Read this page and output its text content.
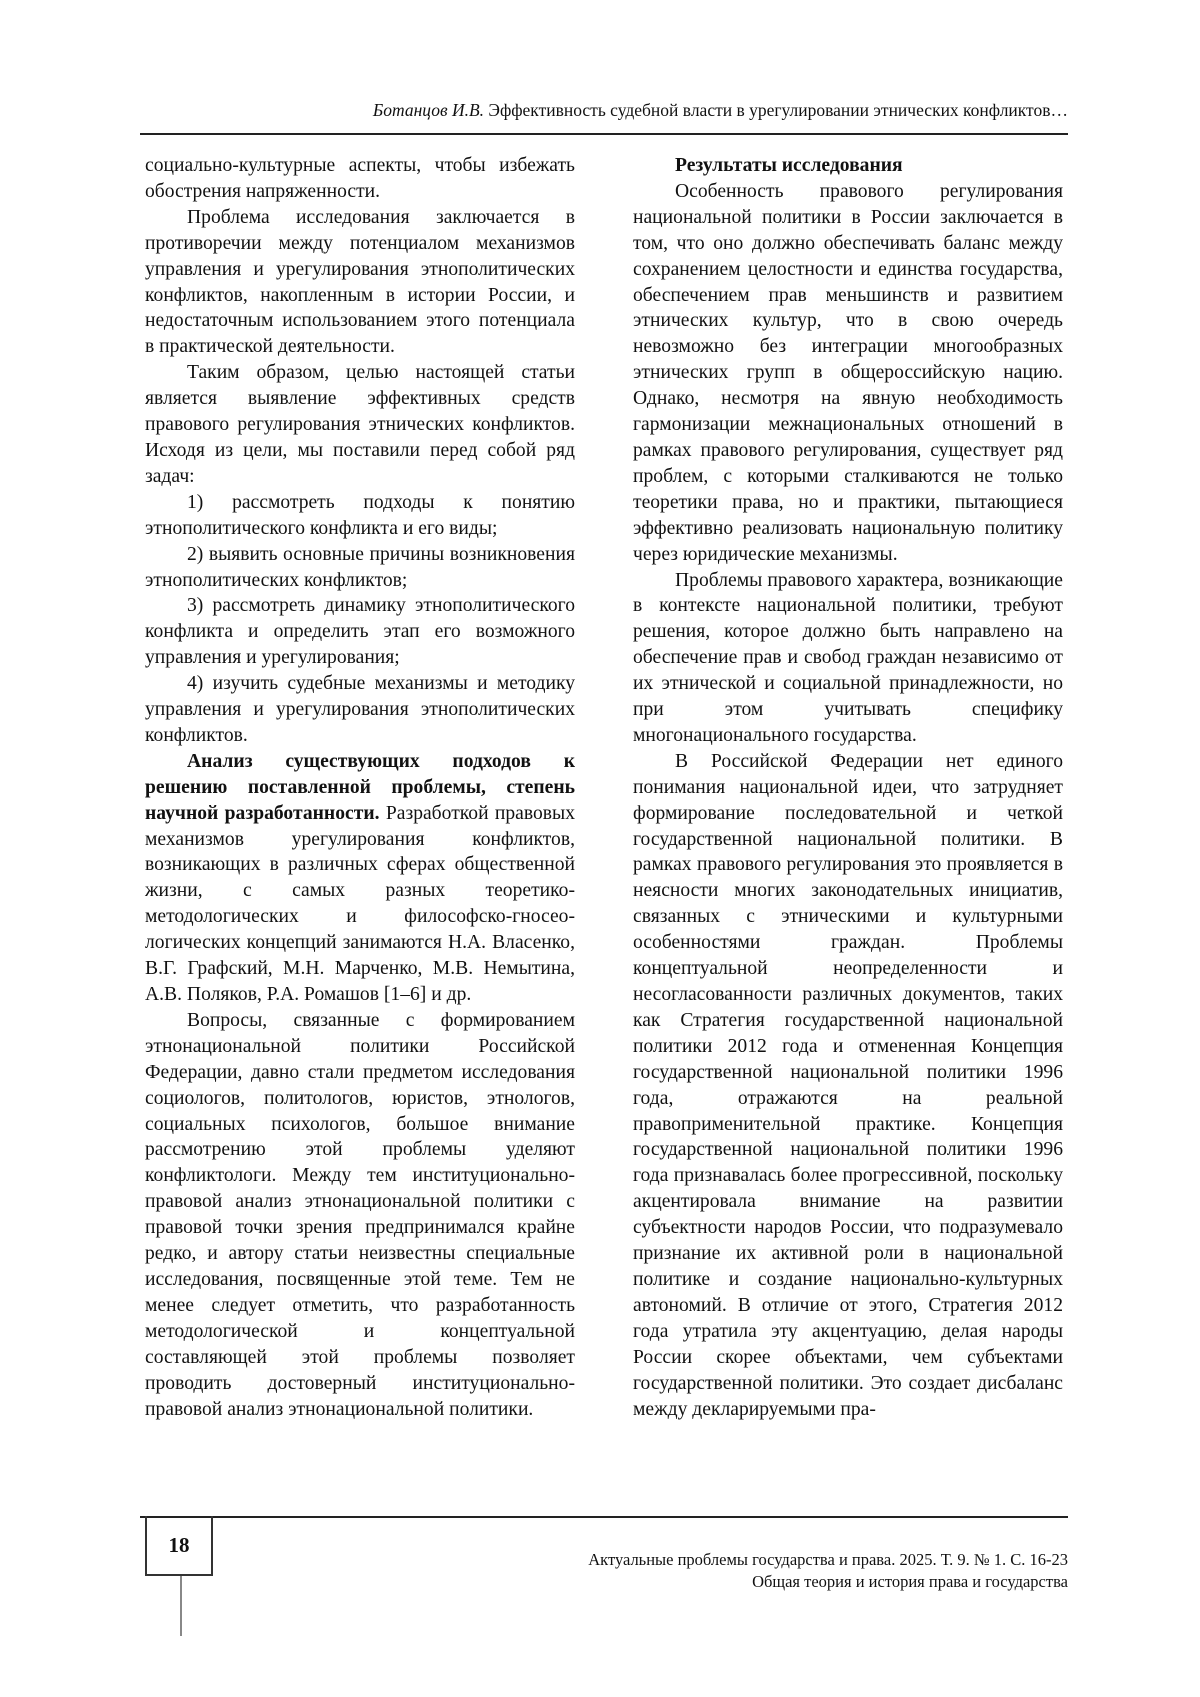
Ботанцов И.В. Эффективность судебной власти в урегулировании этнических конфликтов…

социально-культурные аспекты, чтобы избежать обострения напряженности.

Проблема исследования заключается в противоречии между потенциалом механизмов управления и урегулирования этнополитических конфликтов, накопленным в истории России, и недостаточным использованием этого потенциала в практической деятельности.

Таким образом, целью настоящей статьи является выявление эффективных средств правового регулирования этнических конфликтов. Исходя из цели, мы поставили перед собой ряд задач:

1) рассмотреть подходы к понятию этнополитического конфликта и его виды;

2) выявить основные причины возникновения этнополитических конфликтов;

3) рассмотреть динамику этнополитического конфликта и определить этап его возможного управления и урегулирования;

4) изучить судебные механизмы и методику управления и урегулирования этнополитических конфликтов.

Анализ существующих подходов к решению поставленной проблемы, степень научной разработанности. Разработкой правовых механизмов урегулирования конфликтов, возникающих в различных сферах общественной жизни, с самых разных теоретико-методологических и философско-гносео-логических концепций занимаются Н.А. Власенко, В.Г. Графский, М.Н. Марченко, М.В. Немытина, А.В. Поляков, Р.А. Ромашов [1–6] и др.

Вопросы, связанные с формированием этнонациональной политики Российской Федерации, давно стали предметом исследования социологов, политологов, юристов, этнологов, социальных психологов, большое внимание рассмотрению этой проблемы уделяют конфликтологи. Между тем институционально-правовой анализ этнонациональной политики с правовой точки зрения предпринимался крайне редко, и автору статьи неизвестны специальные исследования, посвященные этой теме. Тем не менее следует отметить, что разработанность методологической и концептуальной составляющей этой проблемы позволяет проводить достоверный институционально-правовой анализ этнонациональной политики.

Результаты исследования

Особенность правового регулирования национальной политики в России заключается в том, что оно должно обеспечивать баланс между сохранением целостности и единства государства, обеспечением прав меньшинств и развитием этнических культур, что в свою очередь невозможно без интеграции многообразных этнических групп в общероссийскую нацию. Однако, несмотря на явную необходимость гармонизации межнациональных отношений в рамках правового регулирования, существует ряд проблем, с которыми сталкиваются не только теоретики права, но и практики, пытающиеся эффективно реализовать национальную политику через юридические механизмы.

Проблемы правового характера, возникающие в контексте национальной политики, требуют решения, которое должно быть направлено на обеспечение прав и свобод граждан независимо от их этнической и социальной принадлежности, но при этом учитывать специфику многонационального государства.

В Российской Федерации нет единого понимания национальной идеи, что затрудняет формирование последовательной и четкой государственной национальной политики. В рамках правового регулирования это проявляется в неясности многих законодательных инициатив, связанных с этническими и культурными особенностями граждан. Проблемы концептуальной неопределенности и несогласованности различных документов, таких как Стратегия государственной национальной политики 2012 года и отмененная Концепция государственной национальной политики 1996 года, отражаются на реальной правоприменительной практике. Концепция государственной национальной политики 1996 года признавалась более прогрессивной, поскольку акцентировала внимание на развитии субъектности народов России, что подразумевало признание их активной роли в национальной политике и создание национально-культурных автономий. В отличие от этого, Стратегия 2012 года утратила эту акцентуацию, делая народы России скорее объектами, чем субъектами государственной политики. Это создает дисбаланс между декларируемыми пра-

18
Актуальные проблемы государства и права. 2025. Т. 9. № 1. С. 16-23
Общая теория и история права и государства
